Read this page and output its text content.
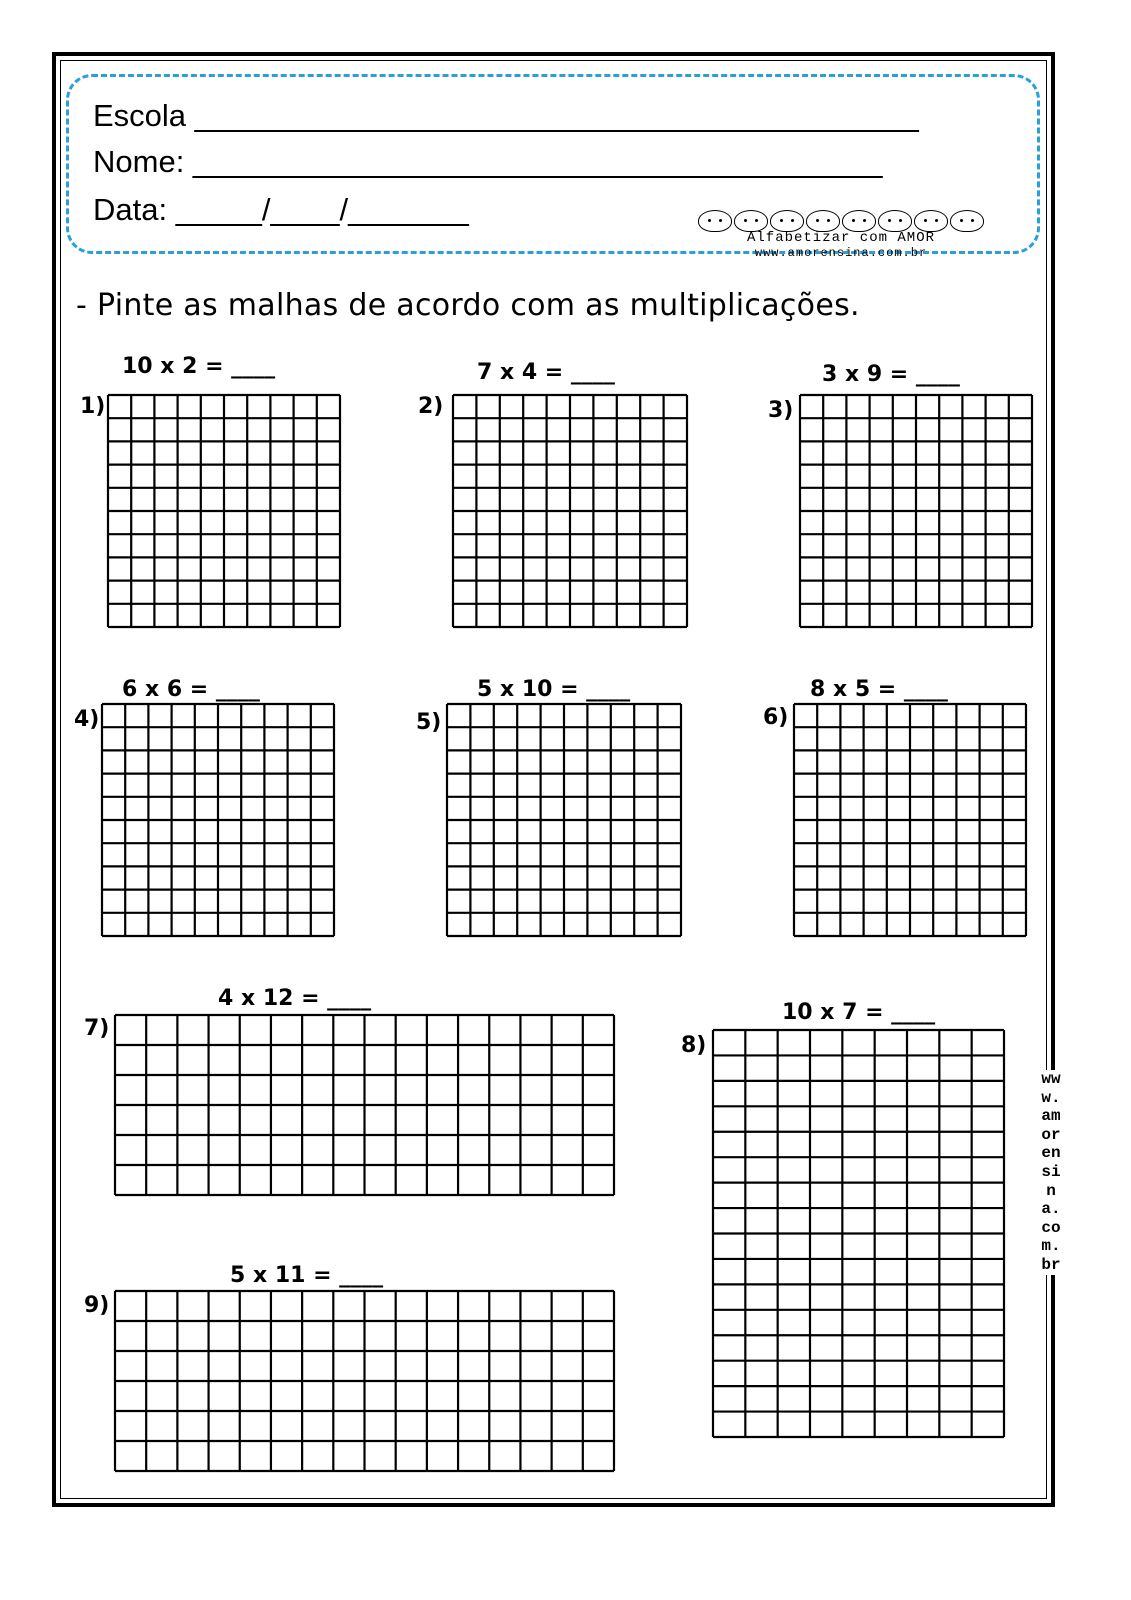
Escola __________________________________________
Nome: ________________________________________
Data: _____/____/_______
Alfabetizar com AMOR
www.amorensina.com.br
- Pinte as malhas de acordo com as multiplicações.
10 x 2 = ____
1)
7 x 4 = ____
2)
3 x 9 = ____
3)
6 x 6 = ____
4)
5 x 10 = ____
5)
8 x 5 = ____
6)
4 x 12 = ____
7)
10 x 7 = ____
8)
5 x 11 = ____
9)
www.amorensina.com.br
